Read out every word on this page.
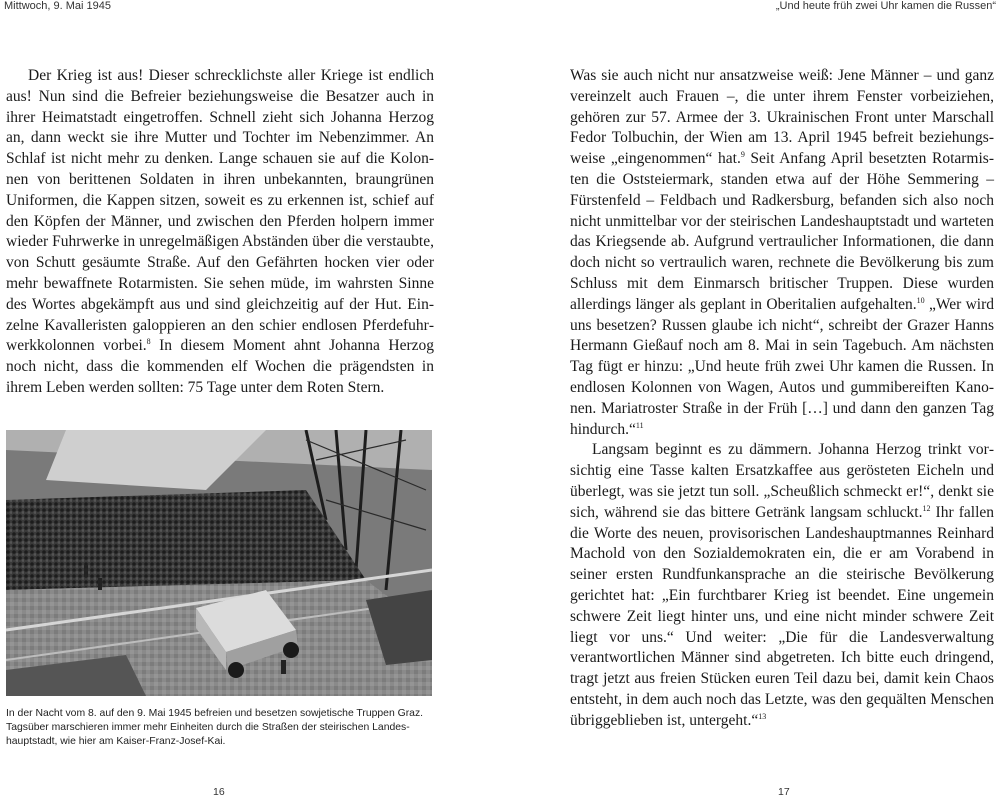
Mittwoch, 9. Mai 1945

Der Krieg ist aus! Dieser schrecklichste aller Kriege ist endlich aus! Nun sind die Befreier beziehungsweise die Besatzer auch in ihrer Heimatstadt eingetroffen. Schnell zieht sich Johanna Herzog an, dann weckt sie ihre Mutter und Tochter im Nebenzimmer. An Schlaf ist nicht mehr zu denken. Lange schauen sie auf die Kolonnen von berittenen Soldaten in ihren unbekannten, braungrünen Uniformen, die Kappen sitzen, soweit es zu erkennen ist, schief auf den Köpfen der Männer, und zwischen den Pferden holpern immer wieder Fuhrwerke in unregelmäßigen Abständen über die verstaubte, von Schutt gesäumte Straße. Auf den Gefährten hocken vier oder mehr bewaffnete Rotarmisten. Sie sehen müde, im wahrsten Sinne des Wortes abgekämpft aus und sind gleichzeitig auf der Hut. Einzelne Kavalleristen galoppieren an den schier endlosen Pferdefuhrwerkkolonnen vorbei.$^8$ In diesem Moment ahnt Johanna Herzog noch nicht, dass die kommenden elf Wochen die prägendsten in ihrem Leben werden sollten: 75 Tage unter dem Roten Stern.

In der Nacht vom 8. auf den 9. Mai 1945 befreien und besetzen sowjetische Truppen Graz. Tagsüber marschieren immer mehr Einheiten durch die Straßen der steirischen Landeshauptstadt, wie hier am Kaiser-Franz-Josef-Kai.

16
„Und heute früh zwei Uhr kamen die Russen“

Was sie auch nicht nur ansatzweise weiß: Jene Männer – und ganz vereinzelt auch Frauen –, die unter ihrem Fenster vorbeiziehen, gehören zur 57. Armee der 3. Ukrainischen Front unter Marschall Fedor Tolbuchin, der Wien am 13. April 1945 befreit beziehungsweise „eingenommen“ hat.$^9$ Seit Anfang April besetzten Rotarmisten die Oststeiermark, standen etwa auf der Höhe Semmering – Fürstenfeld – Feldbach und Radkersburg, befanden sich also noch nicht unmittelbar vor der steirischen Landeshauptstadt und warteten das Kriegsende ab. Aufgrund vertraulicher Informationen, die dann doch nicht so vertraulich waren, rechnete die Bevölkerung bis zum Schluss mit dem Einmarsch britischer Truppen. Diese wurden allerdings länger als geplant in Oberitalien aufgehalten.$^{10}$ „Wer wird uns besetzen? Russen glaube ich nicht“, schreibt der Grazer Hanns Hermann Gießauf noch am 8. Mai in sein Tagebuch. Am nächsten Tag fügt er hinzu: „Und heute früh zwei Uhr kamen die Russen. In endlosen Kolonnen von Wagen, Autos und gummibereiften Kanonen. Mariatroster Straße in der Früh […] und dann den ganzen Tag hindurch.“$^{11}$

Langsam beginnt es zu dämmern. Johanna Herzog trinkt vorsichtig eine Tasse kalten Ersatzkaffee aus gerösteten Eicheln und überlegt, was sie jetzt tun soll. „Scheußlich schmeckt er!“, denkt sie sich, während sie das bittere Getränk langsam schluckt.$^{12}$ Ihr fallen die Worte des neuen, provisorischen Landeshauptmannes Reinhard Machold von den Sozialdemokraten ein, die er am Vorabend in seiner ersten Rundfunkansprache an die steirische Bevölkerung gerichtet hat: „Ein furchtbarer Krieg ist beendet. Eine ungemein schwere Zeit liegt hinter uns, und eine nicht minder schwere Zeit liegt vor uns.“ Und weiter: „Die für die Landesverwaltung verantwortlichen Männer sind abgetreten. Ich bitte euch dringend, tragt jetzt aus freien Stücken euren Teil dazu bei, damit kein Chaos entsteht, in dem auch noch das Letzte, was den gequälten Menschen übriggeblieben ist, untergeht.“$^{13}$

17
